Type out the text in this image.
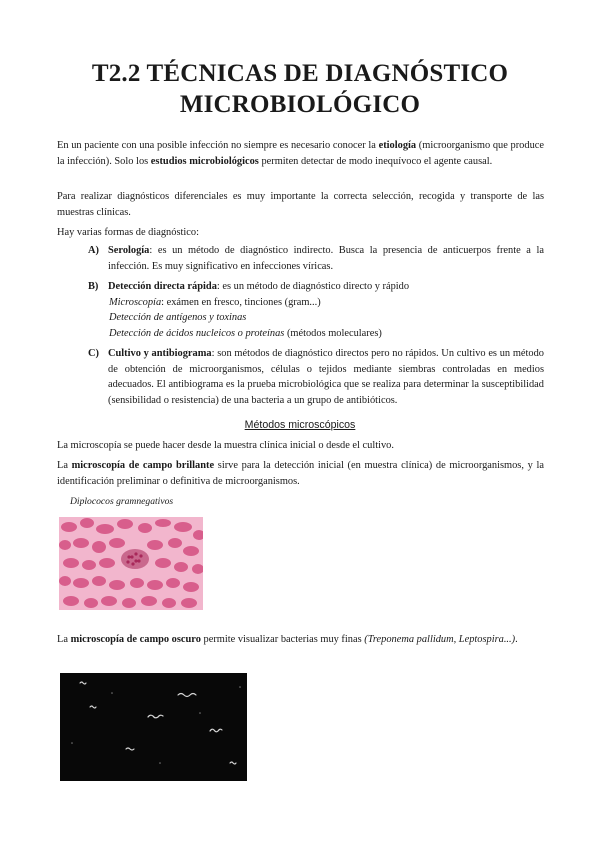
T2.2 TÉCNICAS DE DIAGNÓSTICO MICROBIOLÓGICO

En un paciente con una posible infección no siempre es necesario conocer la etiología (microorganismo que produce la infección). Solo los estudios microbiológicos permiten detectar de modo inequívoco el agente causal.

Para realizar diagnósticos diferenciales es muy importante la correcta selección, recogida y transporte de las muestras clínicas.

Hay varias formas de diagnóstico:

A) Serología: es un método de diagnóstico indirecto. Busca la presencia de anticuerpos frente a la infección. Es muy significativo en infecciones víricas.

B) Detección directa rápida: es un método de diagnóstico directo y rápido

Microscopía: exámen en fresco, tinciones (gram...)
Detección de antígenos y toxinas
Detección de ácidos nucleicos o proteínas (métodos moleculares)

C) Cultivo y antibiograma: son métodos de diagnóstico directos pero no rápidos. Un cultivo es un método de obtención de microorganismos, células o tejidos mediante siembras controladas en medios adecuados. El antibiograma es la prueba microbiológica que se realiza para determinar la susceptibilidad (sensibilidad o resistencia) de una bacteria a un grupo de antibióticos.

Métodos microscópicos

La microscopía se puede hacer desde la muestra clínica inicial o desde el cultivo.

La microscopía de campo brillante sirve para la detección inicial (en muestra clínica) de microorganismos, y la identificación preliminar o definitiva de microorganismos.

Diplococos gramnegativos

La microscopía de campo oscuro permite visualizar bacterias muy finas (Treponema pallidum, Leptospira...).
